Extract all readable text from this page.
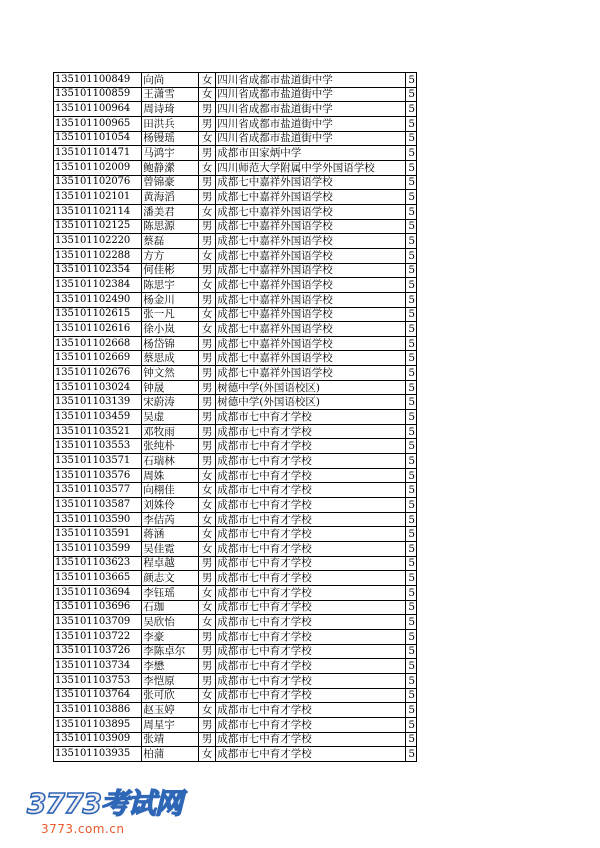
135101100849	向尚	女	四川省成都市盐道街中学	5
135101100859	王潇雪	女	四川省成都市盐道街中学	5
135101100964	周诗琦	男	四川省成都市盐道街中学	5
135101100965	田洪兵	男	四川省成都市盐道街中学	5
135101101054	杨镘瑶	女	四川省成都市盐道街中学	5
135101101471	马鸿宇	男	成都市田家炳中学	5
135101102009	鲍静瀠	女	四川师范大学附属中学外国语学校	5
135101102076	曾锦豪	男	成都七中嘉祥外国语学校	5
135101102101	黄海滔	男	成都七中嘉祥外国语学校	5
135101102114	潘美君	女	成都七中嘉祥外国语学校	5
135101102125	陈思源	男	成都七中嘉祥外国语学校	5
135101102220	蔡磊	男	成都七中嘉祥外国语学校	5
135101102288	方方	女	成都七中嘉祥外国语学校	5
135101102354	何佳彬	男	成都七中嘉祥外国语学校	5
135101102384	陈思宇	女	成都七中嘉祥外国语学校	5
135101102490	杨金川	男	成都七中嘉祥外国语学校	5
135101102615	张一凡	女	成都七中嘉祥外国语学校	5
135101102616	徐小岚	女	成都七中嘉祥外国语学校	5
135101102668	杨岱锦	男	成都七中嘉祥外国语学校	5
135101102669	蔡思成	男	成都七中嘉祥外国语学校	5
135101102676	钟文然	男	成都七中嘉祥外国语学校	5
135101103024	钟晟	男	树德中学(外国语校区)	5
135101103139	宋蔚涛	男	树德中学(外国语校区)	5
135101103459	吴虚	男	成都市七中育才学校	5
135101103521	邓牧雨	男	成都市七中育才学校	5
135101103553	张纯朴	男	成都市七中育才学校	5
135101103571	石瑞林	男	成都市七中育才学校	5
135101103576	周姝	女	成都市七中育才学校	5
135101103577	向栩佳	女	成都市七中育才学校	5
135101103587	刘姝伶	女	成都市七中育才学校	5
135101103590	李佶芮	女	成都市七中育才学校	5
135101103591	蒋涵	女	成都市七中育才学校	5
135101103599	吴佳霓	女	成都市七中育才学校	5
135101103623	程卓越	男	成都市七中育才学校	5
135101103665	颜志文	男	成都市七中育才学校	5
135101103694	李钰瑶	女	成都市七中育才学校	5
135101103696	石珈	女	成都市七中育才学校	5
135101103709	吴欣怡	女	成都市七中育才学校	5
135101103722	李豪	男	成都市七中育才学校	5
135101103726	李陈卓尔	男	成都市七中育才学校	5
135101103734	李懋	男	成都市七中育才学校	5
135101103753	李恺原	男	成都市七中育才学校	5
135101103764	张可欣	女	成都市七中育才学校	5
135101103886	赵玉婷	女	成都市七中育才学校	5
135101103895	周星宇	男	成都市七中育才学校	5
135101103909	张靖	男	成都市七中育才学校	5
135101103935	柏蒲	女	成都市七中育才学校	5
3773考试网
3773.com.cn
